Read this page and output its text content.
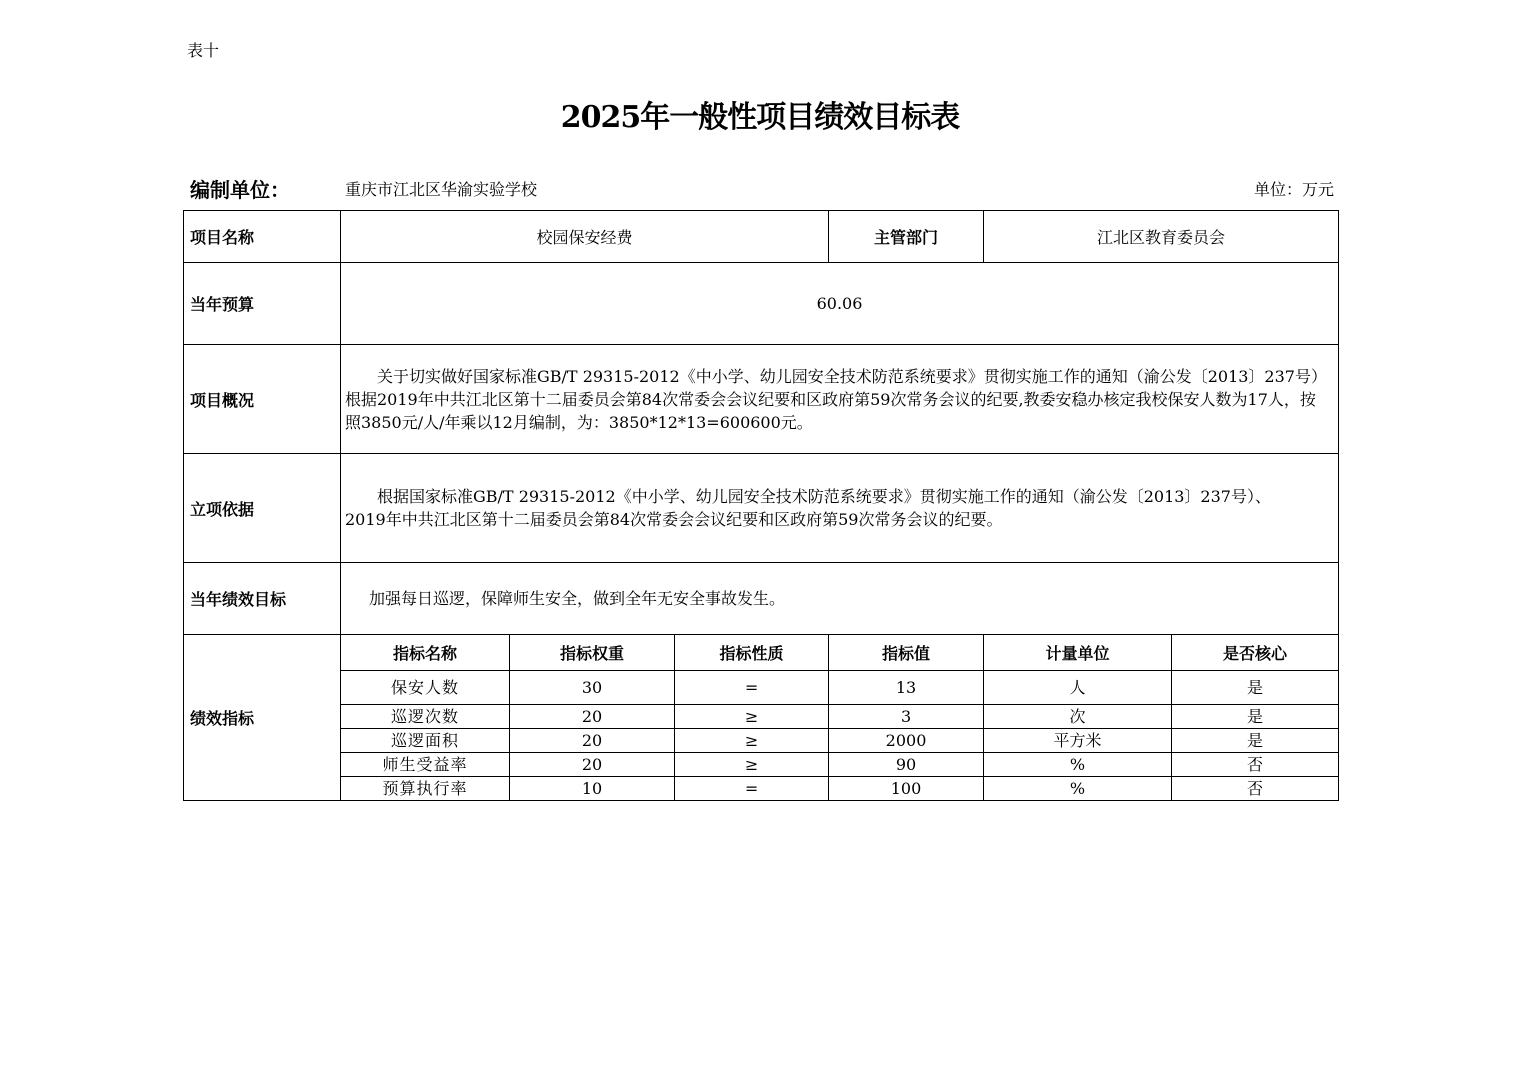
表十
2025年一般性项目绩效目标表
编制单位：	重庆市江北区华渝实验学校	单位：万元
项目名称	校园保安经费			主管部门	江北区教育委员会	
当年预算	60.06					
项目概况	关于切实做好国家标准GB/T 29315-2012《中小学、幼儿园安全技术防范系统要求》贯彻实施工作的通知（渝公发〔2013〕237号）根据2019年中共江北区第十二届委员会第84次常委会会议纪要和区政府第59次常务会议的纪要,教委安稳办核定我校保安人数为17人，按照3850元/人/年乘以12月编制，为：3850*12*13=600600元。					
立项依据	根据国家标准GB/T 29315-2012《中小学、幼儿园安全技术防范系统要求》贯彻实施工作的通知（渝公发〔2013〕237号）、2019年中共江北区第十二届委员会第84次常委会会议纪要和区政府第59次常务会议的纪要。					

当年绩效目标	加强每日巡逻，保障师生安全，做到全年无安全事故发生。					
绩效指标	指标名称	指标权重	指标性质	指标值	计量单位	是否核心
	保安人数	30	=	13	人	是
	巡逻次数	20	≥	3	次	是
	巡逻面积	20	≥	2000	平方米	是
	师生受益率	20	≥	90	%	否
	预算执行率	10	=	100	%	否
